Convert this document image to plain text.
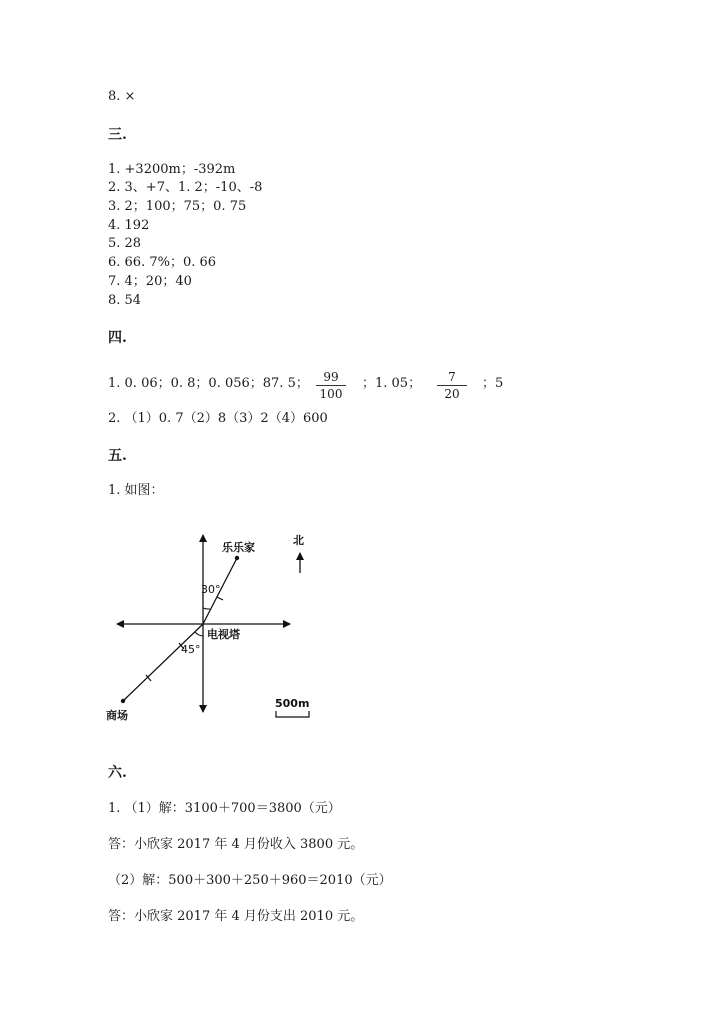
8. ×
三.
1. +3200m；-392m
2. 3、+7、1. 2；-10、-8
3. 2；100；75；0. 75
4. 192
5. 28
6. 66. 7%；0. 66
7. 4；20；40
8. 54
四.
1. 0. 06；0. 8；0. 056；87. 5； $\frac{99}{100}$ ；1. 05； $\frac{7}{20}$ ；5
2. （1）0. 7（2）8（3）2（4）600
五.
1. 如图：
30°
45°
乐乐家
电视塔
商场
北
500m
六.
1. （1）解：3100＋700＝3800（元）
答：小欣家 2017 年 4 月份收入 3800 元。
（2）解：500＋300＋250＋960＝2010（元）
答：小欣家 2017 年 4 月份支出 2010 元。
